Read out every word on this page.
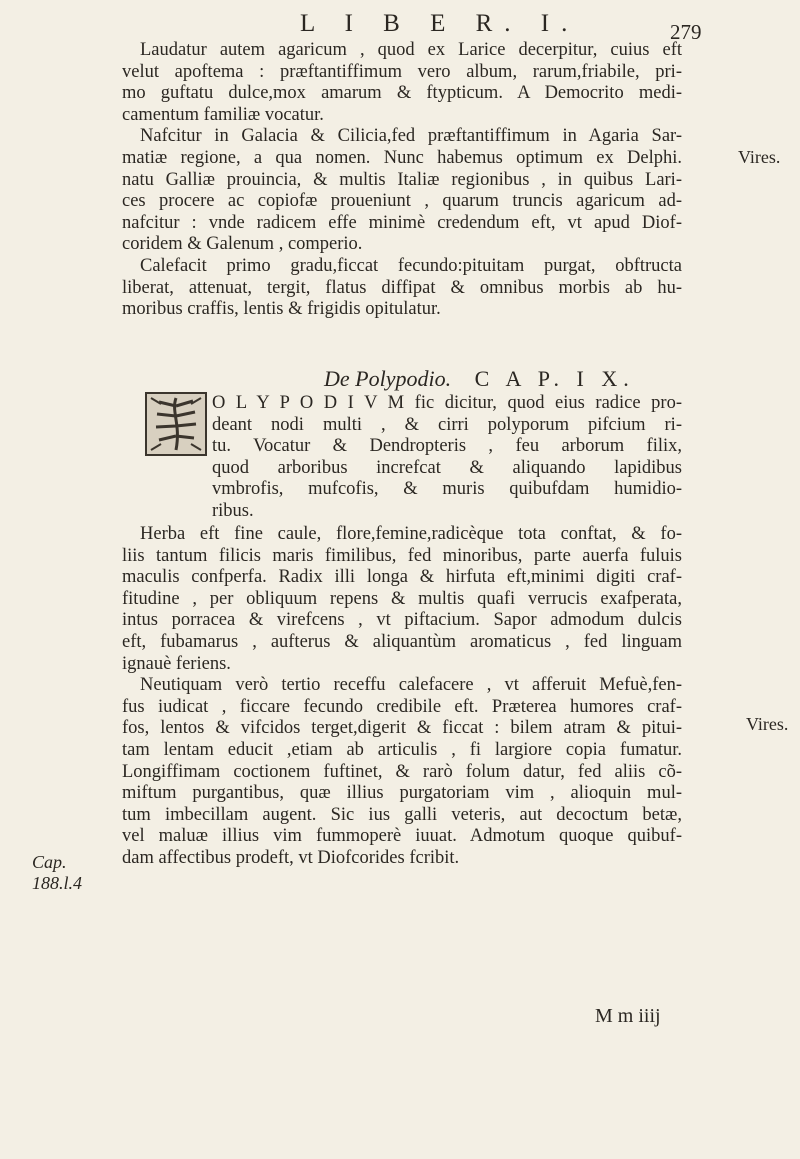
L I B E R. I.	279
Laudatur autem agaricum , quod ex Larice decerpitur, cuius eft
velut apoftema : præftantiffimum vero album, rarum,friabile, pri-
mo guftatu dulce,mox amarum & ftypticum. A Democrito medi-
camentum familiæ vocatur.
Nafcitur in Galacia & Cilicia,fed præftantiffimum in Agaria Sar-
matiæ regione, a qua nomen. Nunc habemus optimum ex Delphi.
natu Galliæ prouincia, & multis Italiæ regionibus , in quibus Lari-
ces procere ac copiofæ proueniunt , quarum truncis agaricum ad-
nafcitur : vnde radicem effe minimè credendum eft, vt apud Diof-
coridem & Galenum , comperio.
Calefacit primo gradu,ficcat fecundo:pituitam purgat, obftructa
liberat, attenuat, tergit, flatus diffipat & omnibus morbis ab hu-
moribus craffis, lentis & frigidis opitulatur.
Vires.
De Polypodio. C A P. I X.
O L Y P O D I V M fic dicitur, quod eius radice pro-
deant nodi multi , & cirri polyporum pifcium ri-
tu. Vocatur & Dendropteris , feu arborum filix,
quod arboribus increfcat & aliquando lapidibus
vmbrofis, mufcofis, & muris quibufdam humidio-
ribus.
Herba eft fine caule, flore,femine,radicèque tota conftat, & fo-
liis tantum filicis maris fimilibus, fed minoribus, parte auerfa fuluis
maculis confperfa. Radix illi longa & hirfuta eft,minimi digiti craf-
fitudine , per obliquum repens & multis quafi verrucis exafperata,
intus porracea & virefcens , vt piftacium. Sapor admodum dulcis
eft, fubamarus , aufterus & aliquantùm aromaticus , fed linguam
ignauè feriens.
Neutiquam verò tertio receffu calefacere , vt afferuit Mefuè,fen-
fus iudicat , ficcare fecundo credibile eft. Præterea humores craf-
fos, lentos & vifcidos terget,digerit & ficcat : bilem atram & pitui-
tam lentam educit ,etiam ab articulis , fi largiore copia fumatur.
Longiffimam coctionem fuftinet, & rarò folum datur, fed aliis cõ-
miftum purgantibus, quæ illius purgatoriam vim , alioquin mul-
tum imbecillam augent. Sic ius galli veteris, aut decoctum betæ,
vel maluæ illius vim fummoperè iuuat. Admotum quoque quibuf-
dam affectibus prodeft, vt Diofcorides fcribit.
Vires.
Cap.
188.l.4
M m iiij
